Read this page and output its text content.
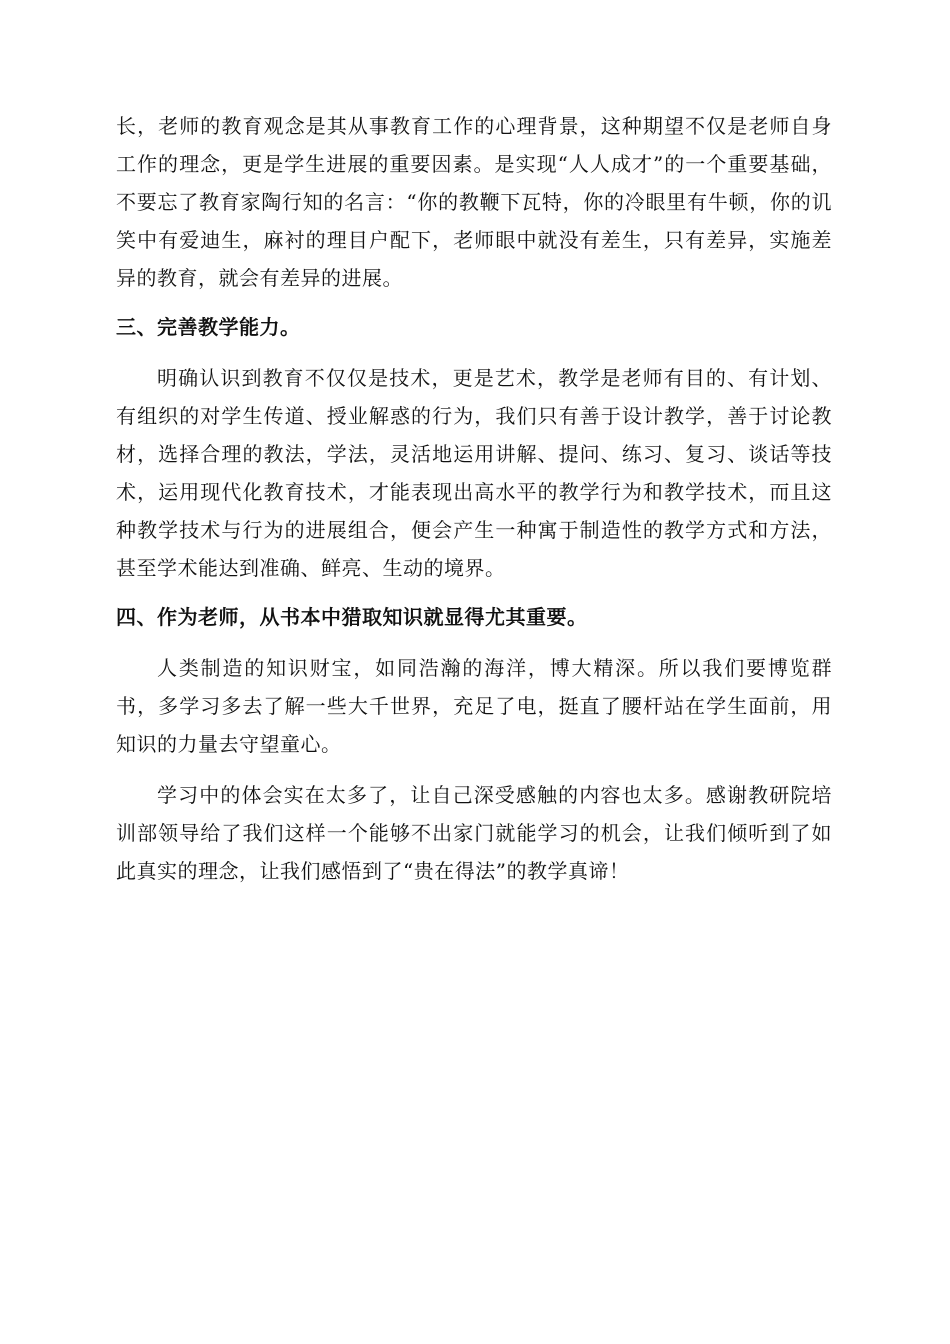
长，老师的教育观念是其从事教育工作的心理背景，这种期望不仅是老师自身工作的理念，更是学生进展的重要因素。是实现“人人成才”的一个重要基础，不要忘了教育家陶行知的名言：“你的教鞭下瓦特，你的冷眼里有牛顿，你的讥笑中有爱迪生，麻衬的理目户配下，老师眼中就没有差生，只有差异，实施差异的教育，就会有差异的进展。

三、完善教学能力。

明确认识到教育不仅仅是技术，更是艺术，教学是老师有目的、有计划、有组织的对学生传道、授业解惑的行为，我们只有善于设计教学，善于讨论教材，选择合理的教法，学法，灵活地运用讲解、提问、练习、复习、谈话等技术，运用现代化教育技术，才能表现出高水平的教学行为和教学技术，而且这种教学技术与行为的进展组合，便会产生一种寓于制造性的教学方式和方法，甚至学术能达到准确、鲜亮、生动的境界。

四、作为老师，从书本中猎取知识就显得尤其重要。

人类制造的知识财宝，如同浩瀚的海洋，博大精深。所以我们要博览群书，多学习多去了解一些大千世界，充足了电，挺直了腰杆站在学生面前，用知识的力量去守望童心。

学习中的体会实在太多了，让自己深受感触的内容也太多。感谢教研院培训部领导给了我们这样一个能够不出家门就能学习的机会，让我们倾听到了如此真实的理念，让我们感悟到了“贵在得法”的教学真谛！
